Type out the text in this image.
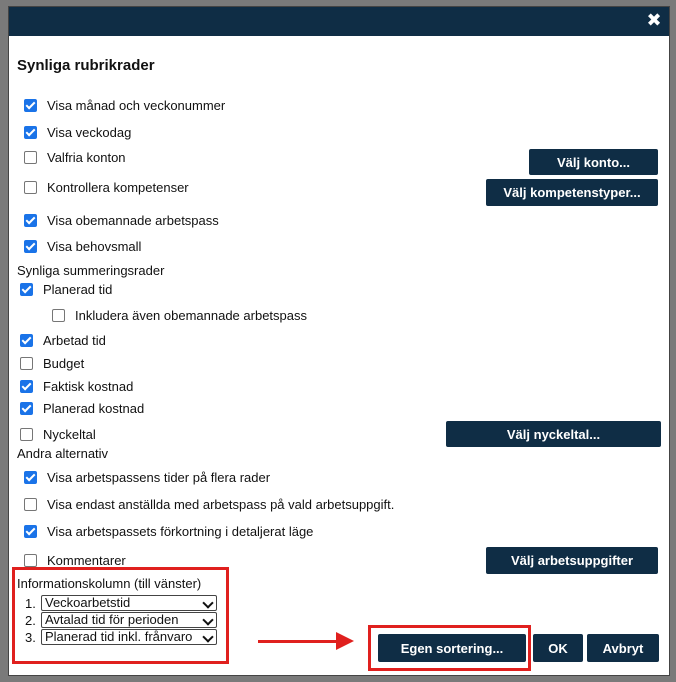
✖
Synliga rubrikrader
Visa månad och veckonummer
Visa veckodag
Valfria konton
Kontrollera kompetenser
Visa obemannade arbetspass
Visa behovsmall
Välj konto...
Välj kompetenstyper...
Synliga summeringsrader
Planerad tid
Inkludera även obemannade arbetspass
Arbetad tid
Budget
Faktisk kostnad
Planerad kostnad
Nyckeltal	Välj nyckeltal...
Andra alternativ
Visa arbetspassens tider på flera rader
Visa endast anställda med arbetspass på vald arbetsuppgift.
Visa arbetspassets förkortning i detaljerat läge
Kommentarer	Välj arbetsuppgifter
Informationskolumn (till vänster)
1. Veckoarbetstid
2. Avtalad tid för perioden
3. Planerad tid inkl. frånvaro
Egen sortering...	OK	Avbryt
